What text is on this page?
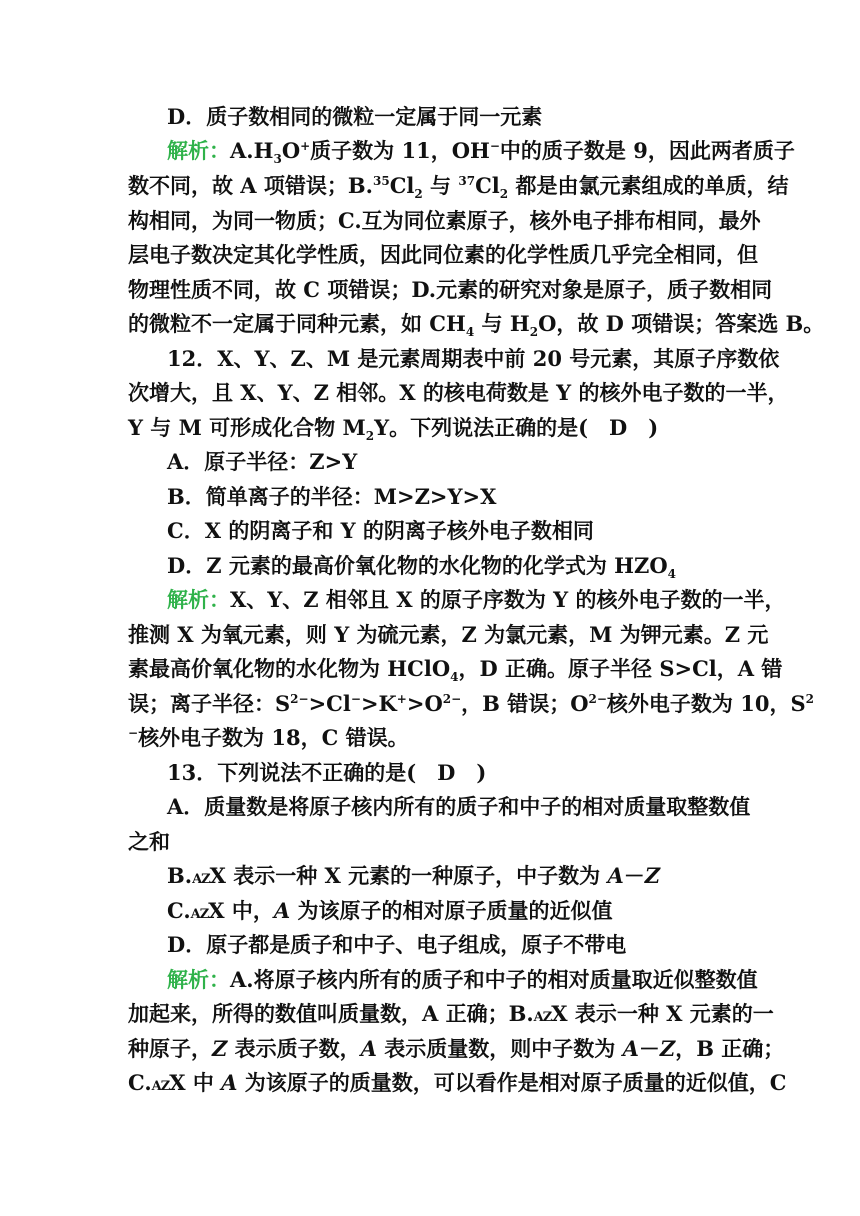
D．质子数相同的微粒一定属于同一元素
解析：$A.H_3O^+$质子数为 11，OH−中的质子数是 9，因此两者质子
数不同，故 A 项错误；$B.^{35}Cl_2$ 与 $^{37}Cl_2$ 都是由氯元素组成的单质，结
构相同，为同一物质；C.互为同位素原子，核外电子排布相同，最外
层电子数决定其化学性质，因此同位素的化学性质几乎完全相同，但
物理性质不同，故 C 项错误；D.元素的研究对象是原子，质子数相同
的微粒不一定属于同种元素，如 $CH_4$ 与 $H_2O$，故 D 项错误；答案选 B。
12．X、Y、Z、M 是元素周期表中前 20 号元素，其原子序数依
次增大，且 X、Y、Z 相邻。X 的核电荷数是 Y 的核外电子数的一半，
Y 与 M 可形成化合物 $M_2Y$。下列说法正确的是(　D　)
A．原子半径：Z>Y
B．简单离子的半径：M>Z>Y>X
C．X 的阴离子和 Y 的阴离子核外电子数相同
D．Z 元素的最高价氧化物的水化物的化学式为 $HZO_4$
解析：X、Y、Z 相邻且 X 的原子序数为 Y 的核外电子数的一半，
推测 X 为氧元素，则 Y 为硫元素，Z 为氯元素，M 为钾元素。Z 元
素最高价氧化物的水化物为 HClO$_4$，D 正确。原子半径 S>Cl，A 错
误；离子半径：$S^{2-}>Cl^->K^+>O^{2-}$，B 错误；$O^{2-}$核外电子数为 10，$S^2$
−核外电子数为 18，C 错误。
13．下列说法不正确的是(　D　)
A．质量数是将原子核内所有的质子和中子的相对质量取整数值
之和
B.AZX 表示一种 X 元素的一种原子，中子数为 A－Z
C.AZX 中，A 为该原子的相对原子质量的近似值
D．原子都是质子和中子、电子组成，原子不带电
解析：A.将原子核内所有的质子和中子的相对质量取近似整数值
加起来，所得的数值叫质量数，A 正确；B.AZX 表示一种 X 元素的一
种原子，Z 表示质子数，A 表示质量数，则中子数为 A－Z，B 正确；
C.AZX 中 A 为该原子的质量数，可以看作是相对原子质量的近似值，C
